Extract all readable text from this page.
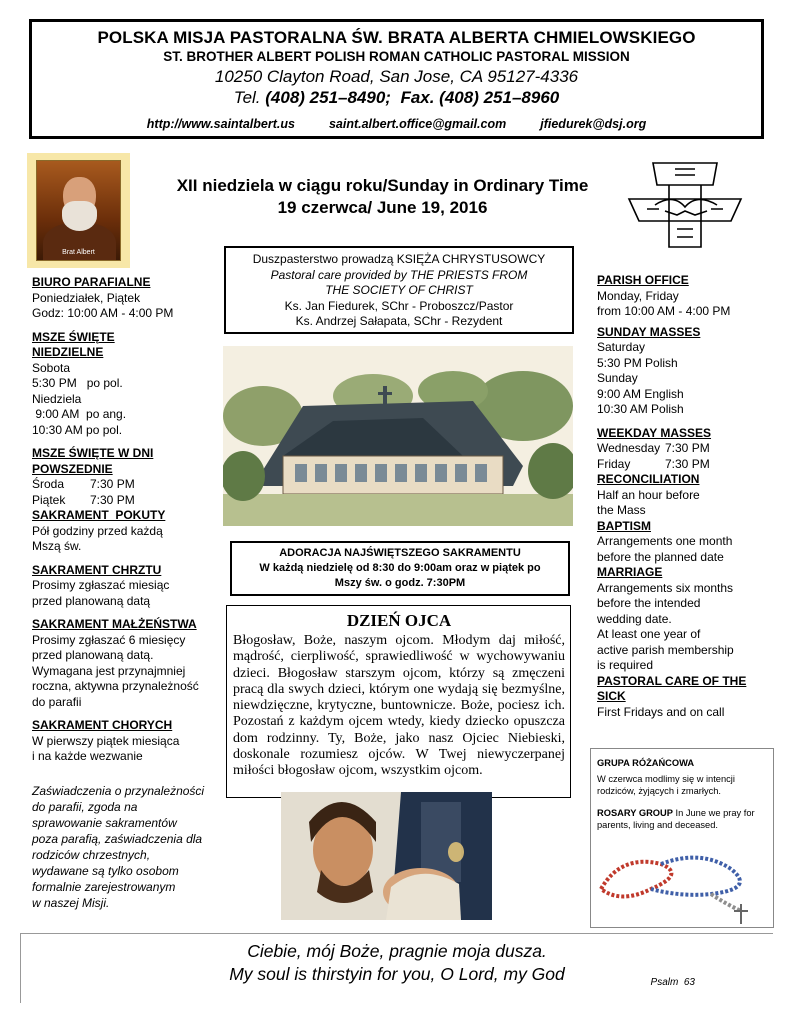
POLSKA MISJA PASTORALNA ŚW. BRATA ALBERTA CHMIELOWSKIEGO
ST. BROTHER ALBERT POLISH ROMAN CATHOLIC PASTORAL MISSION
10250 Clayton Road, San Jose, CA 95127-4336
Tel. (408) 251–8490; Fax. (408) 251–8960
http://www.saintalbert.us	saint.albert.office@gmail.com	jfiedurek@dsj.org
Brat Albert
XII niedziela w ciągu roku/Sunday in Ordinary Time
19 czerwca/ June 19, 2016
Duszpasterstwo prowadzą KSIĘŻA CHRYSTUSOWCY
Pastoral care provided by THE PRIESTS FROM
THE SOCIETY OF CHRIST
Ks. Jan Fiedurek, SChr - Proboszcz/Pastor
Ks. Andrzej Sałapata, SChr - Rezydent
BIURO PARAFIALNE
Poniedziałek, Piątek
Godz: 10:00 AM - 4:00 PM
MSZE ŚWIĘTE
NIEDZIELNE
Sobota
5:30 PM   po pol.
Niedziela
9:00 AM  po ang.
10:30 AM po pol.
MSZE ŚWIĘTE W DNI
POWSZEDNIE
Środa	7:30 PM
Piątek	7:30 PM
SAKRAMENT  POKUTY
Pół godziny przed każdą
Mszą św.
SAKRAMENT CHRZTU
Prosimy zgłaszać miesiąc
przed planowaną datą
SAKRAMENT MAŁŻEŃSTWA
Prosimy zgłaszać 6 miesięcy
przed planowaną datą.
Wymagana jest przynajmniej
roczna, aktywna przynależność
do parafii
SAKRAMENT CHORYCH
W pierwszy piątek miesiąca
i na każde wezwanie
Zaświadczenia o przynależności
do parafii, zgoda na
sprawowanie sakramentów
poza parafią, zaświadczenia dla
rodziców chrzestnych,
wydawane są tylko osobom
formalnie zarejestrowanym
w naszej Misji.
ADORACJA NAJŚWIĘTSZEGO SAKRAMENTU
W każdą niedzielę od 8:30 do 9:00am oraz w piątek po
Mszy św. o godz. 7:30PM
DZIEŃ OJCA

Błogosław, Boże, naszym ojcom. Młodym daj miłość, mądrość, cierpliwość, sprawiedliwość w wychowywaniu dzieci. Błogosław starszym ojcom, którzy są zmęczeni pracą dla swych dzieci, którym one wydają się bezmyślne, niewdzięczne, krytyczne, buntownicze. Boże, pociesz ich. Pozostań z każdym ojcem wtedy, kiedy dziecko opuszcza dom rodzinny. Ty, Boże, jako nasz Ojciec Niebieski, doskonale rozumiesz ojców. W Twej niewyczerpanej miłości błogosław ojcom, wszystkim ojcom.

PARISH OFFICE
Monday, Friday
from 10:00 AM - 4:00 PM
SUNDAY MASSES
Saturday
5:30 PM Polish
Sunday
9:00 AM English
10:30 AM Polish
WEEKDAY MASSES
Wednesday 7:30 PM
Friday	7:30 PM
RECONCILIATION
Half an hour before
the Mass
BAPTISM
Arrangements one month
before the planned date
MARRIAGE
Arrangements six months
before the intended
wedding date.
At least one year of
active parish membership
is required
PASTORAL CARE OF THE
SICK
First Fridays and on call
GRUPA RÓŻAŃCOWA
W czerwca modlimy się w intencji rodziców, żyjących i zmarłych.
ROSARY GROUP In June we pray for parents, living and deceased.
Ciebie, mój Boże, pragnie moja dusza.
My soul is thirstyin for you, O Lord, my God	Psalm  63
